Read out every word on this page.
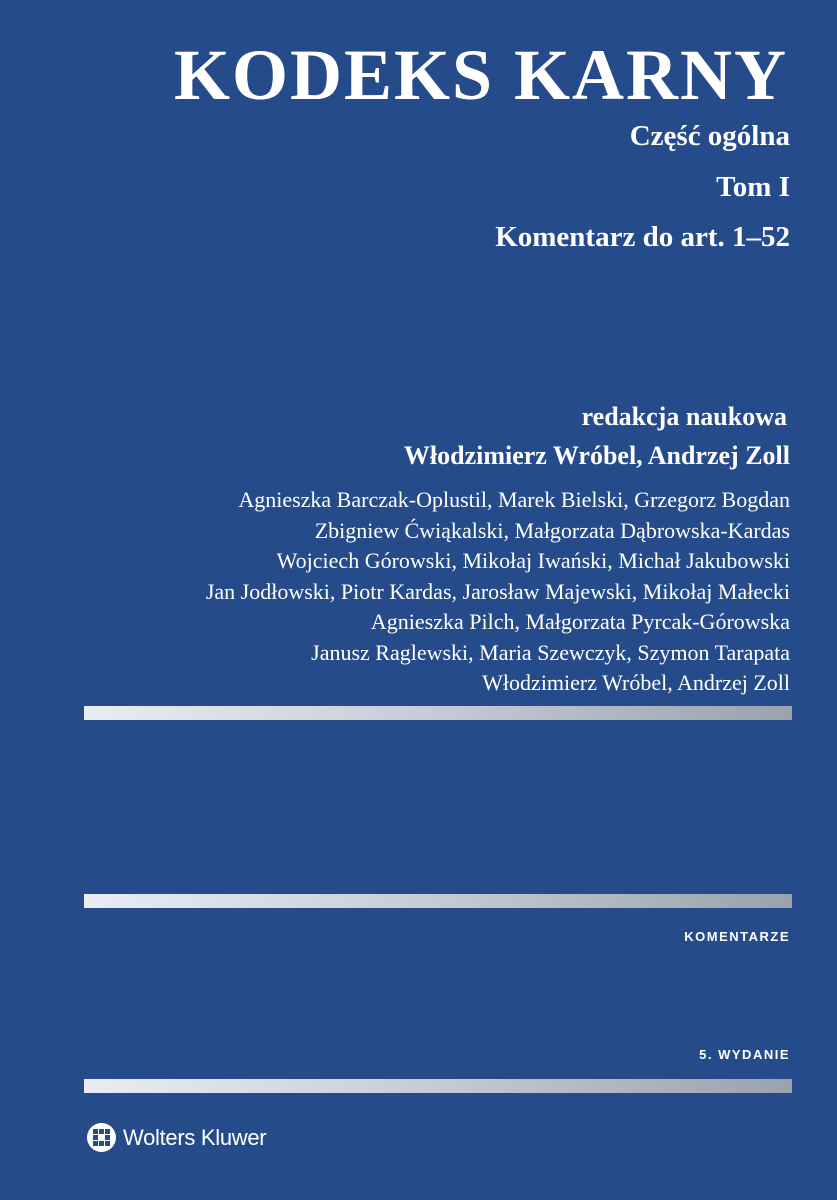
KODEKS KARNY
Część ogólna
Tom I
Komentarz do art. 1–52
redakcja naukowa
Włodzimierz Wróbel, Andrzej Zoll
Agnieszka Barczak-Oplustil, Marek Bielski, Grzegorz Bogdan
Zbigniew Ćwiąkalski, Małgorzata Dąbrowska-Kardas
Wojciech Górowski, Mikołaj Iwański, Michał Jakubowski
Jan Jodłowski, Piotr Kardas, Jarosław Majewski, Mikołaj Małecki
Agnieszka Pilch, Małgorzata Pyrcak-Górowska
Janusz Raglewski, Maria Szewczyk, Szymon Tarapata
Włodzimierz Wróbel, Andrzej Zoll
KOMENTARZE
5. WYDANIE
Wolters Kluwer
